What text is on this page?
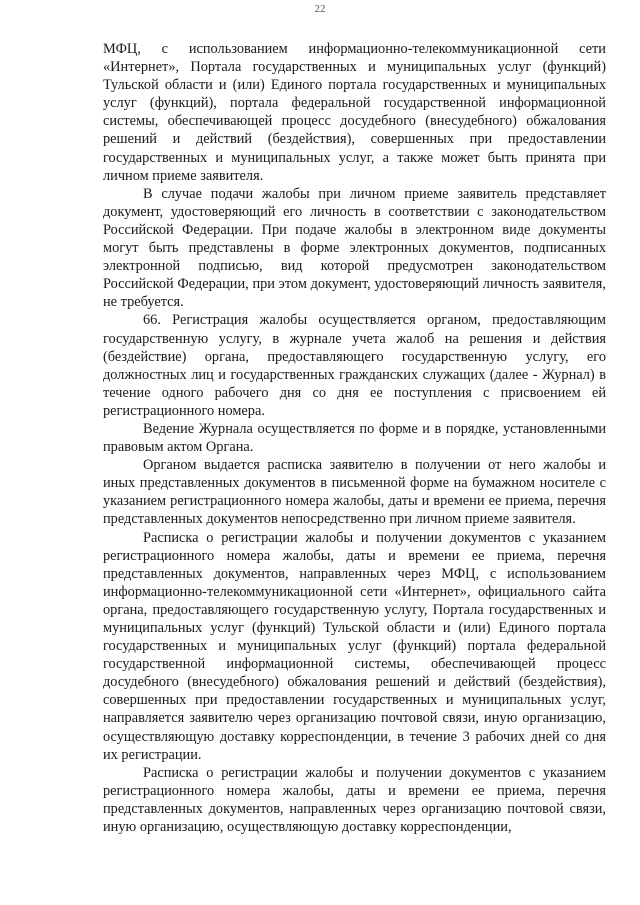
22

МФЦ, с использованием информационно-телекоммуникационной сети «Интернет», Портала государственных и муниципальных услуг (функций) Тульской области и (или) Единого портала государственных и муниципальных услуг (функций), портала федеральной государственной информационной системы, обеспечивающей процесс досудебного (внесудебного) обжалования решений и действий (бездействия), совершенных при предоставлении государственных и муниципальных услуг, а также может быть принята при личном приеме заявителя.

В случае подачи жалобы при личном приеме заявитель представляет документ, удостоверяющий его личность в соответствии с законодательством Российской Федерации. При подаче жалобы в электронном виде документы могут быть представлены в форме электронных документов, подписанных электронной подписью, вид которой предусмотрен законодательством Российской Федерации, при этом документ, удостоверяющий личность заявителя, не требуется.

66. Регистрация жалобы осуществляется органом, предоставляющим государственную услугу, в журнале учета жалоб на решения и действия (бездействие) органа, предоставляющего государственную услугу, его должностных лиц и государственных гражданских служащих (далее - Журнал) в течение одного рабочего дня со дня ее поступления с присвоением ей регистрационного номера.

Ведение Журнала осуществляется по форме и в порядке, установленными правовым актом Органа.

Органом выдается расписка заявителю в получении от него жалобы и иных представленных документов в письменной форме на бумажном носителе с указанием регистрационного номера жалобы, даты и времени ее приема, перечня представленных документов непосредственно при личном приеме заявителя.

Расписка о регистрации жалобы и получении документов с указанием регистрационного номера жалобы, даты и времени ее приема, перечня представленных документов, направленных через МФЦ, с использованием информационно-телекоммуникационной сети «Интернет», официального сайта органа, предоставляющего государственную услугу, Портала государственных и муниципальных услуг (функций) Тульской области и (или) Единого портала государственных и муниципальных услуг (функций) портала федеральной государственной информационной системы, обеспечивающей процесс досудебного (внесудебного) обжалования решений и действий (бездействия), совершенных при предоставлении государственных и муниципальных услуг, направляется заявителю через организацию почтовой связи, иную организацию, осуществляющую доставку корреспонденции, в течение 3 рабочих дней со дня их регистрации.

Расписка о регистрации жалобы и получении документов с указанием регистрационного номера жалобы, даты и времени ее приема, перечня представленных документов, направленных через организацию почтовой связи, иную организацию, осуществляющую доставку корреспонденции,
